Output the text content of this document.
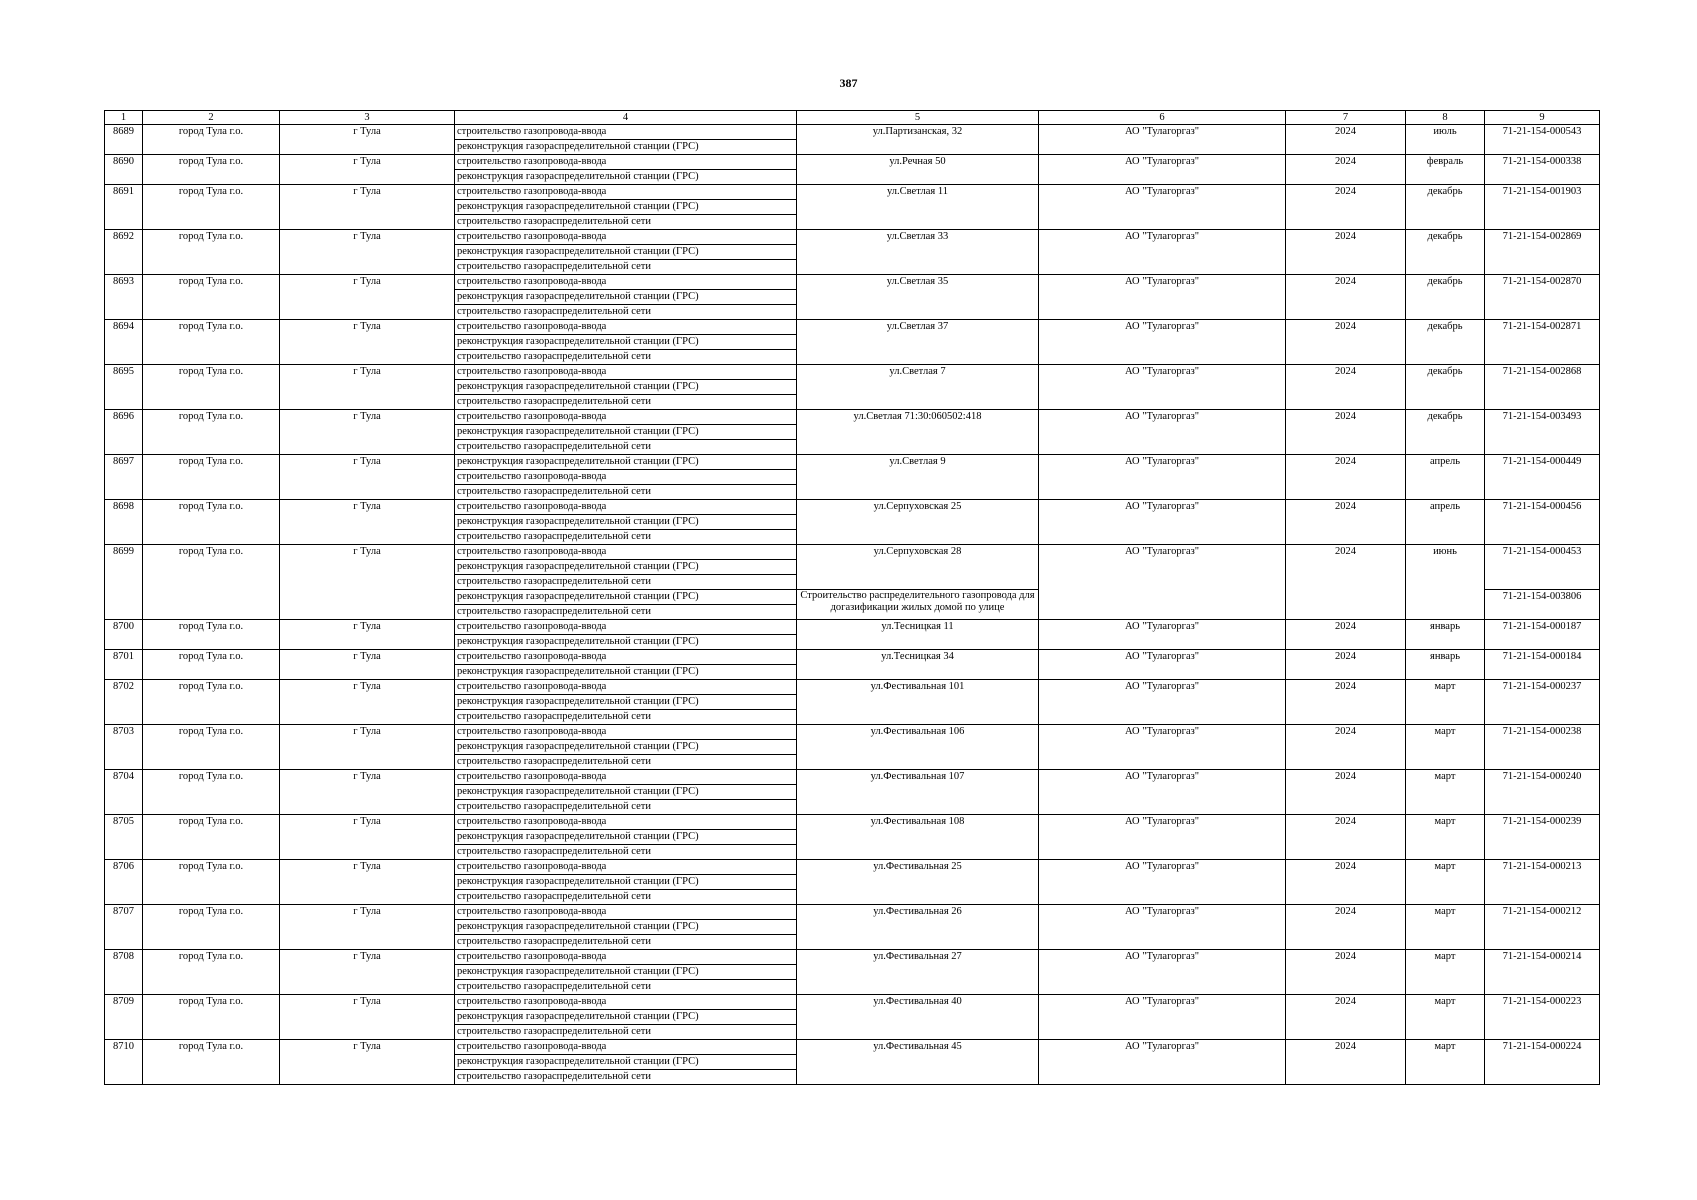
387
1	2	3	4	5	6	7	8	9
8689	город Тула г.о.	г Тула	строительство газопровода-ввода	ул.Партизанская, 32	АО "Тулагоргаз"	2024	июль	71-21-154-000543
			реконструкция газораспределительной станции (ГРС)					
8690	город Тула г.о.	г Тула	строительство газопровода-ввода	ул.Речная 50	АО "Тулагоргаз"	2024	февраль	71-21-154-000338
			реконструкция газораспределительной станции (ГРС)					
8691	город Тула г.о.	г Тула	строительство газопровода-ввода	ул.Светлая 11	АО "Тулагоргаз"	2024	декабрь	71-21-154-001903
			реконструкция газораспределительной станции (ГРС)					
			строительство газораспределительной сети					
8692	город Тула г.о.	г Тула	строительство газопровода-ввода	ул.Светлая 33	АО "Тулагоргаз"	2024	декабрь	71-21-154-002869
			реконструкция газораспределительной станции (ГРС)					
			строительство газораспределительной сети					
8693	город Тула г.о.	г Тула	строительство газопровода-ввода	ул.Светлая 35	АО "Тулагоргаз"	2024	декабрь	71-21-154-002870
			реконструкция газораспределительной станции (ГРС)					
			строительство газораспределительной сети					
8694	город Тула г.о.	г Тула	строительство газопровода-ввода	ул.Светлая 37	АО "Тулагоргаз"	2024	декабрь	71-21-154-002871
			реконструкция газораспределительной станции (ГРС)					
			строительство газораспределительной сети					
8695	город Тула г.о.	г Тула	строительство газопровода-ввода	ул.Светлая 7	АО "Тулагоргаз"	2024	декабрь	71-21-154-002868
			реконструкция газораспределительной станции (ГРС)					
			строительство газораспределительной сети					
8696	город Тула г.о.	г Тула	строительство газопровода-ввода	ул.Светлая 71:30:060502:418	АО "Тулагоргаз"	2024	декабрь	71-21-154-003493
			реконструкция газораспределительной станции (ГРС)					
			строительство газораспределительной сети					
8697	город Тула г.о.	г Тула	реконструкция газораспределительной станции (ГРС)	ул.Светлая 9	АО "Тулагоргаз"	2024	апрель	71-21-154-000449
			строительство газопровода-ввода					
			строительство газораспределительной сети					
8698	город Тула г.о.	г Тула	строительство газопровода-ввода	ул.Серпуховская 25	АО "Тулагоргаз"	2024	апрель	71-21-154-000456
			реконструкция газораспределительной станции (ГРС)					
			строительство газораспределительной сети					
8699	город Тула г.о.	г Тула	строительство газопровода-ввода	ул.Серпуховская 28	АО "Тулагоргаз"	2024	июнь	71-21-154-000453
			реконструкция газораспределительной станции (ГРС)					
			строительство газораспределительной сети					
			реконструкция газораспределительной станции (ГРС)	Строительство распределительного газопровода для догазификации жилых домой по улице				71-21-154-003806
			строительство газораспределительной сети					
8700	город Тула г.о.	г Тула	строительство газопровода-ввода	ул.Тесницкая 11	АО "Тулагоргаз"	2024	январь	71-21-154-000187
			реконструкция газораспределительной станции (ГРС)					
8701	город Тула г.о.	г Тула	строительство газопровода-ввода	ул.Тесницкая 34	АО "Тулагоргаз"	2024	январь	71-21-154-000184
			реконструкция газораспределительной станции (ГРС)					
8702	город Тула г.о.	г Тула	строительство газопровода-ввода	ул.Фестивальная 101	АО "Тулагоргаз"	2024	март	71-21-154-000237
			реконструкция газораспределительной станции (ГРС)					
			строительство газораспределительной сети					
8703	город Тула г.о.	г Тула	строительство газопровода-ввода	ул.Фестивальная 106	АО "Тулагоргаз"	2024	март	71-21-154-000238
			реконструкция газораспределительной станции (ГРС)					
			строительство газораспределительной сети					
8704	город Тула г.о.	г Тула	строительство газопровода-ввода	ул.Фестивальная 107	АО "Тулагоргаз"	2024	март	71-21-154-000240
			реконструкция газораспределительной станции (ГРС)					
			строительство газораспределительной сети					
8705	город Тула г.о.	г Тула	строительство газопровода-ввода	ул.Фестивальная 108	АО "Тулагоргаз"	2024	март	71-21-154-000239
			реконструкция газораспределительной станции (ГРС)					
			строительство газораспределительной сети					
8706	город Тула г.о.	г Тула	строительство газопровода-ввода	ул.Фестивальная 25	АО "Тулагоргаз"	2024	март	71-21-154-000213
			реконструкция газораспределительной станции (ГРС)					
			строительство газораспределительной сети					
8707	город Тула г.о.	г Тула	строительство газопровода-ввода	ул.Фестивальная 26	АО "Тулагоргаз"	2024	март	71-21-154-000212
			реконструкция газораспределительной станции (ГРС)					
			строительство газораспределительной сети					
8708	город Тула г.о.	г Тула	строительство газопровода-ввода	ул.Фестивальная 27	АО "Тулагоргаз"	2024	март	71-21-154-000214
			реконструкция газораспределительной станции (ГРС)					
			строительство газораспределительной сети					
8709	город Тула г.о.	г Тула	строительство газопровода-ввода	ул.Фестивальная 40	АО "Тулагоргаз"	2024	март	71-21-154-000223
			реконструкция газораспределительной станции (ГРС)					
			строительство газораспределительной сети					
8710	город Тула г.о.	г Тула	строительство газопровода-ввода	ул.Фестивальная 45	АО "Тулагоргаз"	2024	март	71-21-154-000224
			реконструкция газораспределительной станции (ГРС)					
			строительство газораспределительной сети					
